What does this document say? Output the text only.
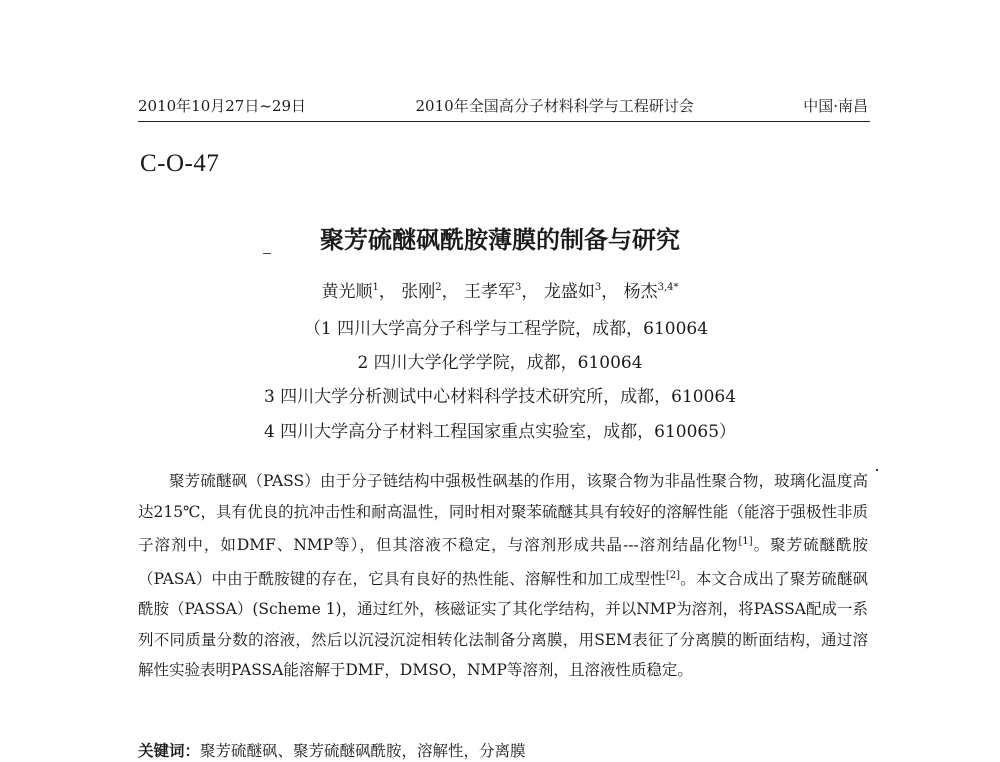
2010年10月27日~29日	2010年全国高分子材料科学与工程研讨会	中国·南昌
C-O-47
聚芳硫醚砜酰胺薄膜的制备与研究
黄光顺$^1$， 张刚$^2$， 王孝军$^3$， 龙盛如$^3$， 杨杰$^{3,4*}$
（1 四川大学高分子科学与工程学院，成都，610064
2 四川大学化学学院，成都，610064
3 四川大学分析测试中心材料科学技术研究所，成都，610064
4 四川大学高分子材料工程国家重点实验室，成都，610065）
聚芳硫醚砜（PASS）由于分子链结构中强极性砜基的作用，该聚合物为非晶性聚合物，玻璃化温度高达215℃，具有优良的抗冲击性和耐高温性，同时相对聚苯硫醚其具有较好的溶解性能（能溶于强极性非质子溶剂中，如DMF、NMP等），但其溶液不稳定，与溶剂形成共晶---溶剂结晶化物[1]。聚芳硫醚酰胺（PASA）中由于酰胺键的存在，它具有良好的热性能、溶解性和加工成型性[2]。本文合成出了聚芳硫醚砜酰胺（PASSA）(Scheme 1)，通过红外，核磁证实了其化学结构，并以NMP为溶剂，将PASSA配成一系列不同质量分数的溶液，然后以沉浸沉淀相转化法制备分离膜，用SEM表征了分离膜的断面结构，通过溶解性实验表明PASSA能溶解于DMF，DMSO，NMP等溶剂，且溶液性质稳定。
关键词：聚芳硫醚砜、聚芳硫醚砜酰胺，溶解性，分离膜
